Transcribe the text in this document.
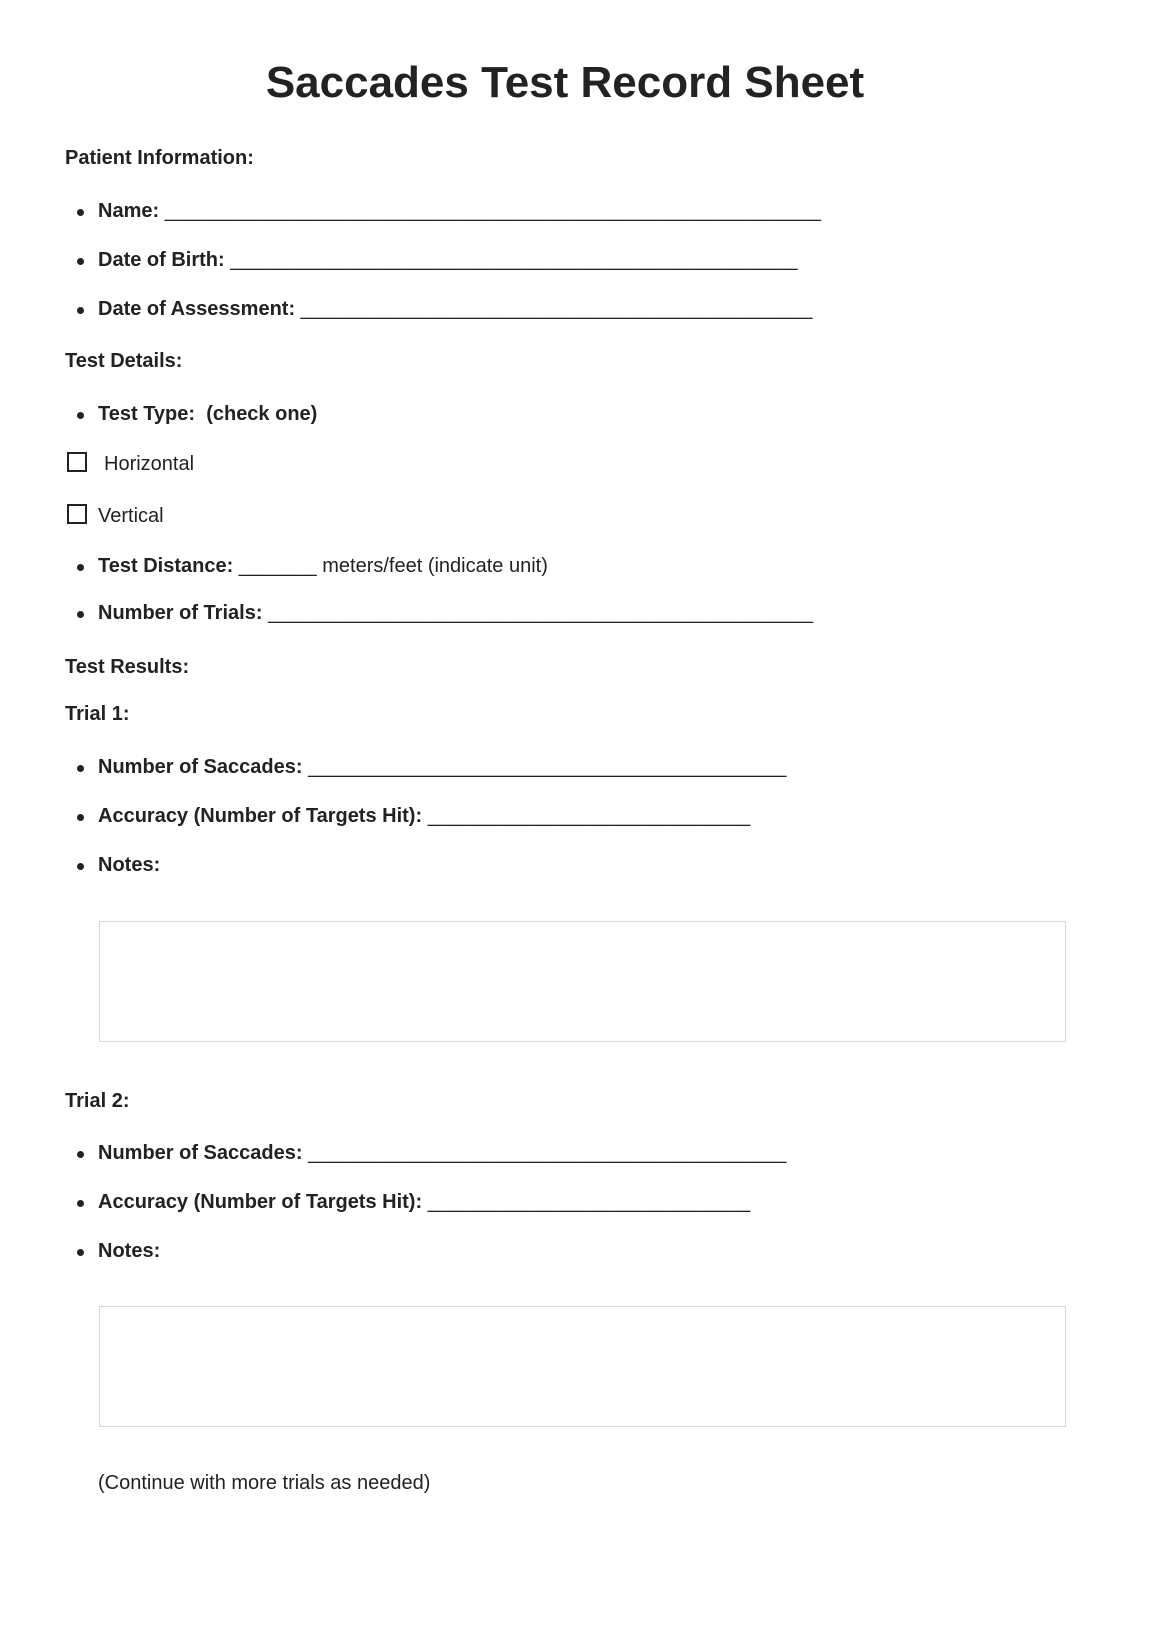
Saccades Test Record Sheet
Patient Information:
Name: ___________________________________________________________
Date of Birth: ___________________________________________________
Date of Assessment: ______________________________________________
Test Details:
Test Type: (check one)
Horizontal
Vertical
Test Distance: _______ meters/feet (indicate unit)
Number of Trials: _________________________________________________
Test Results:
Trial 1:
Number of Saccades: ___________________________________________
Accuracy (Number of Targets Hit): _____________________________
Notes:
Trial 2:
Number of Saccades: ___________________________________________
Accuracy (Number of Targets Hit): _____________________________
Notes:
(Continue with more trials as needed)
